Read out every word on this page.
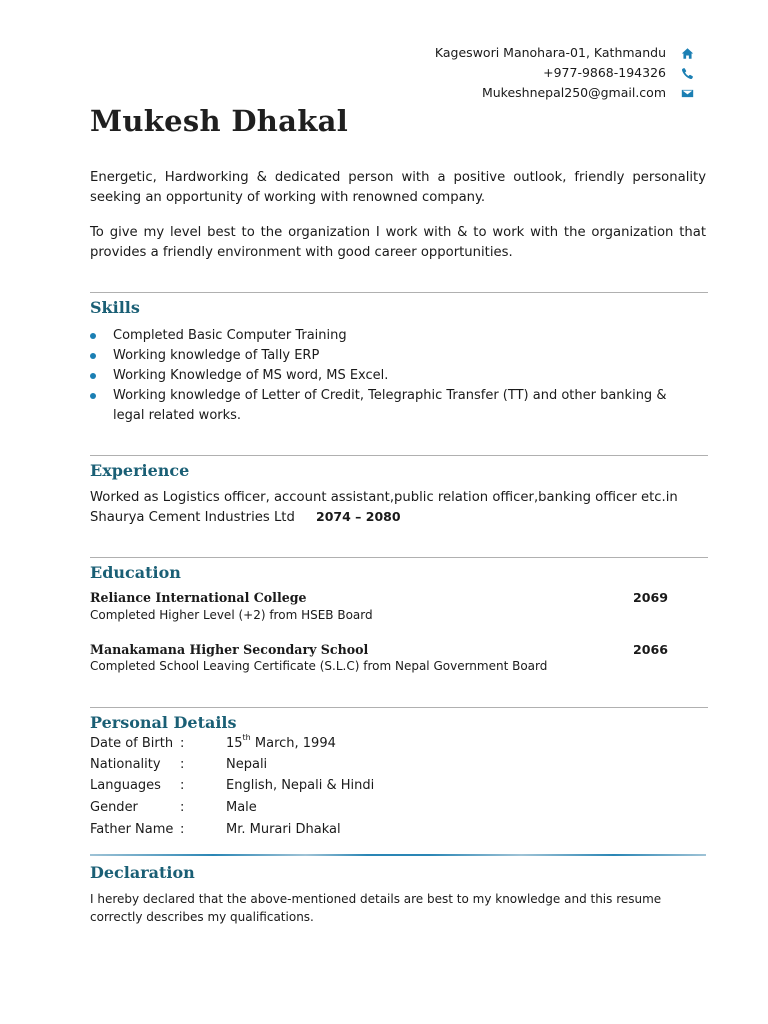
Kageswori Manohara-01, Kathmandu
+977-9868-194326
Mukeshnepal250@gmail.com
Mukesh Dhakal

Energetic, Hardworking & dedicated person with a positive outlook, friendly personality seeking an opportunity of working with renowned company.

To give my level best to the organization I work with & to work with the organization that provides a friendly environment with good career opportunities.

Skills
Completed Basic Computer Training
Working knowledge of Tally ERP
Working Knowledge of MS word, MS Excel.
Working knowledge of Letter of Credit, Telegraphic Transfer (TT) and other banking & legal related works.
Experience
Worked as Logistics officer, account assistant,public relation officer,banking officer etc.in Shaurya Cement Industries Ltd	2074 – 2080
Education
Reliance International College	2069
Completed Higher Level (+2) from HSEB Board
Manakamana Higher Secondary School	2066
Completed School Leaving Certificate (S.L.C) from Nepal Government Board
Personal Details
Date of Birth :	15th March, 1994
Nationality :	Nepali
Languages :	English, Nepali & Hindi
Gender	:	Male
Father Name :	Mr. Murari Dhakal
Declaration

I hereby declared that the above-mentioned details are best to my knowledge and this resume correctly describes my qualifications.
